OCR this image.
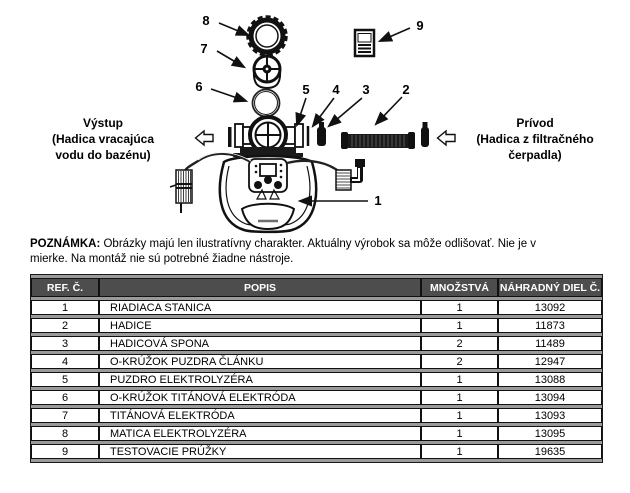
Výstup
(Hadica vracajúca
vodu do bazénu)
Prívod
(Hadica z filtračného
čerpadla)
8
7
6
9
5 4 3	2
1

POZNÁMKA: Obrázky majú len ilustratívny charakter. Aktuálny výrobok sa môže odlišovať. Nie je v
mierke. Na montáž nie sú potrebné žiadne nástroje.

REF. Č.	POPIS	MNOŽSTVÁ	NÁHRADNÝ DIEL Č.
1	RIADIACA STANICA	1	13092
2	HADICE	1	11873
3	HADICOVÁ SPONA	2	11489
4	O-KRÚŽOK PUZDRA ČLÁNKU	2	12947
5	PUZDRO ELEKTROLYZÉRA	1	13088
6	O-KRÚŽOK TITÁNOVÁ ELEKTRÓDA	1	13094
7	TITÁNOVÁ ELEKTRÓDA	1	13093
8	MATICA ELEKTROLYZÉRA	1	13095
9	TESTOVACIE PRÚŽKY	1	19635
